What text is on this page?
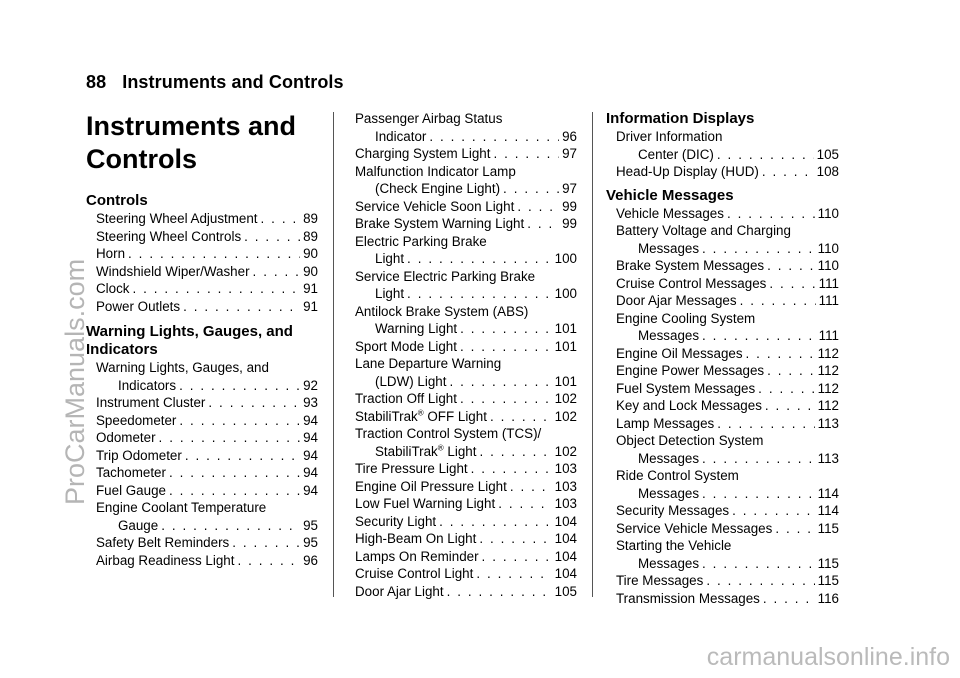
88 Instruments and Controls
Instruments and Controls
Controls
Steering Wheel Adjustment . . .	89
Steering Wheel Controls . . .	89
Horn . . .	90
Windshield Wiper/Washer . . .	90
Clock . . .	91
Power Outlets . . .	91
Warning Lights, Gauges, and Indicators
Warning Lights, Gauges, and
Indicators . . .	92
Instrument Cluster . . .	93
Speedometer . . .	94
Odometer . . .	94
Trip Odometer . . .	94
Tachometer . . .	94
Fuel Gauge . . .	94
Engine Coolant Temperature
Gauge . . .	95
Safety Belt Reminders . . .	95
Airbag Readiness Light . . .	96
Passenger Airbag Status
Indicator . . .	96
Charging System Light . . .	97
Malfunction Indicator Lamp
(Check Engine Light) . . .	97
Service Vehicle Soon Light . . .	99
Brake System Warning Light . . .	99
Electric Parking Brake
Light . . .	100
Service Electric Parking Brake
Light . . .	100
Antilock Brake System (ABS)
Warning Light . . .	101
Sport Mode Light . . .	101
Lane Departure Warning
(LDW) Light . . .	101
Traction Off Light . . .	102
StabiliTrak® OFF Light . . .	102
Traction Control System (TCS)/
StabiliTrak® Light . . .	102
Tire Pressure Light . . .	103
Engine Oil Pressure Light . . .	103
Low Fuel Warning Light . . .	103
Security Light . . .	104
High-Beam On Light . . .	104
Lamps On Reminder . . .	104
Cruise Control Light . . .	104
Door Ajar Light . . .	105
Information Displays
Driver Information
Center (DIC) . . .	105
Head-Up Display (HUD) . . .	108
Vehicle Messages
Vehicle Messages . . .	110
Battery Voltage and Charging
Messages . . .	110
Brake System Messages . . .	110
Cruise Control Messages . . .	111
Door Ajar Messages . . .	111
Engine Cooling System
Messages . . .	111
Engine Oil Messages . . .	112
Engine Power Messages . . .	112
Fuel System Messages . . .	112
Key and Lock Messages . . .	112
Lamp Messages . . .	113
Object Detection System
Messages . . .	113
Ride Control System
Messages . . .	114
Security Messages . . .	114
Service Vehicle Messages . . .	115
Starting the Vehicle
Messages . . .	115
Tire Messages . . .	115
Transmission Messages . . .	116
ProCarManuals.com
carmanualsonline.info
